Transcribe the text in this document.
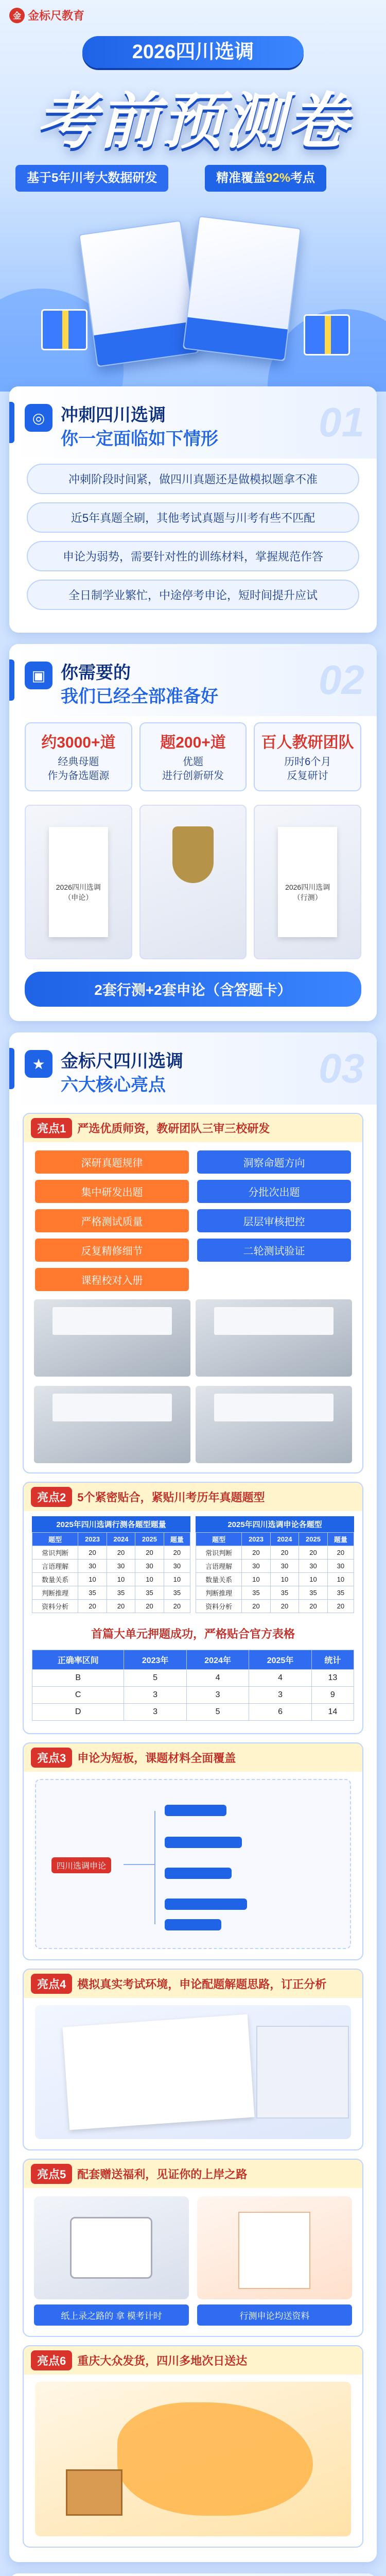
金 金标尺教育
2026四川选调
考前预测卷
基于5年川考大数据研发	精准覆盖92%考点
◎ 冲刺四川选调
你一定面临如下情形 01
冲刺阶段时间紧，做四川真题还是做模拟题拿不准
近5年真题全刷，其他考试真题与川考有些不匹配
申论为弱势，需要针对性的训练材料，掌握规范作答
全日制学业繁忙，中途停考申论，短时间提升应试
▣ 你需要的
我们已经全部准备好 02
约3000+道
经典母题
作为备选题源
题200+道
优题
进行创新研发
百人教研团队
历时6个月
反复研讨
2026四川选调 （申论）
2026四川选调 （行测）
2套行测+2套申论（含答题卡）
★ 金标尺四川选调
六大核心亮点	03
亮点1	严选优质师资，教研团队三审三校研发
深研真题规律	洞察命题方向
集中研发出题	分批次出题
严格测试质量	层层审核把控
反复精修细节	二轮测试验证
课程校对入册
亮点2	5个紧密贴合，紧贴川考历年真题题型
2025年四川选调行测各题型题量
题型	2023	2024	2025	题量
常识判断	20	20	20	20
言语理解	30	30	30	30
数量关系	10	10	10	10
判断推理	35	35	35	35
资料分析	20	20	20	20
2025年四川选调申论各题型
题型	2023	2024	2025	题量
常识判断	20	20	20	20
言语理解	30	30	30	30
数量关系	10	10	10	10
判断推理	35	35	35	35
资料分析	20	20	20	20
首篇大单元押题成功，严格贴合官方表格
正确率区间	2023年	2024年	2025年	统计
B	5	4	4	13
C	3	3	3	9
D	3	5	6	14
亮点3	申论为短板，课题材料全面覆盖
四川选调申论
亮点4	模拟真实考试环境，申论配题解题思路，订正分析
亮点5	配套赠送福利，见证你的上岸之路
纸上录之路的 拿 模考计时	行测申论均送资料
亮点6	重庆大众发货，四川多地次日送达
